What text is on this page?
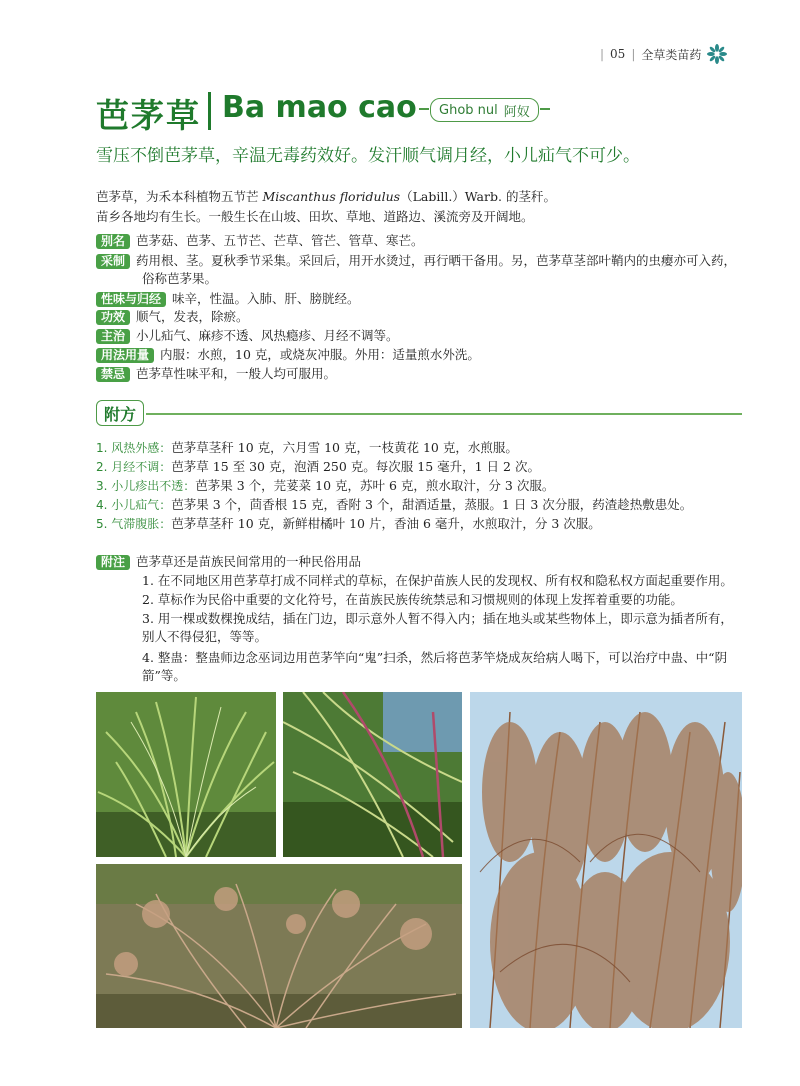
| 05 | 全草类苗药
芭茅草 Ba mao cao Ghob nul 阿奴
雪压不倒芭茅草，辛温无毒药效好。发汗顺气调月经，小儿疝气不可少。
芭茅草，为禾本科植物五节芒 Miscanthus floridulus（Labill.）Warb. 的茎秆。
苗乡各地均有生长。一般生长在山坡、田坎、草地、道路边、溪流旁及开阔地。
别名 芭茅菇、芭茅、五节芒、芒草、管芒、管草、寒芒。
采制 药用根、茎。夏秋季节采集。采回后，用开水烫过，再行晒干备用。另，芭茅草茎部叶鞘内的虫瘿亦可入药，
俗称芭茅果。
性味与归经 味辛，性温。入肺、肝、膀胱经。
功效 顺气，发表，除瘀。
主治 小儿疝气、麻疹不透、风热瘾疹、月经不调等。
用法用量 内服：水煎，10 克，或烧灰冲服。外用：适量煎水外洗。
禁忌 芭茅草性味平和，一般人均可服用。
附方
1. 风热外感：芭茅草茎秆 10 克，六月雪 10 克，一枝黄花 10 克，水煎服。
2. 月经不调：芭茅草 15 至 30 克，泡酒 250 克。每次服 15 毫升，1 日 2 次。
3. 小儿疹出不透：芭茅果 3 个，芫荽菜 10 克，苏叶 6 克，煎水取汁，分 3 次服。
4. 小儿疝气：芭茅果 3 个，茴香根 15 克，香附 3 个，甜酒适量，蒸服。1 日 3 次分服，药渣趁热敷患处。
5. 气滞腹胀：芭茅草茎秆 10 克，新鲜柑橘叶 10 片，香油 6 毫升，水煎取汁，分 3 次服。
附注 芭茅草还是苗族民间常用的一种民俗用品
1. 在不同地区用芭茅草打成不同样式的草标，在保护苗族人民的发现权、所有权和隐私权方面起重要作用。
2. 草标作为民俗中重要的文化符号，在苗族民族传统禁忌和习惯规则的体现上发挥着重要的功能。
3. 用一棵或数棵挽成结，插在门边，即示意外人暂不得入内；插在地头或某些物体上，即示意为插者所有，
别人不得侵犯，等等。
4. 整蛊：整蛊师边念巫词边用芭茅竿向“鬼”扫杀，然后将芭茅竿烧成灰给病人喝下，可以治疗中蛊、中“阴
箭”等。
